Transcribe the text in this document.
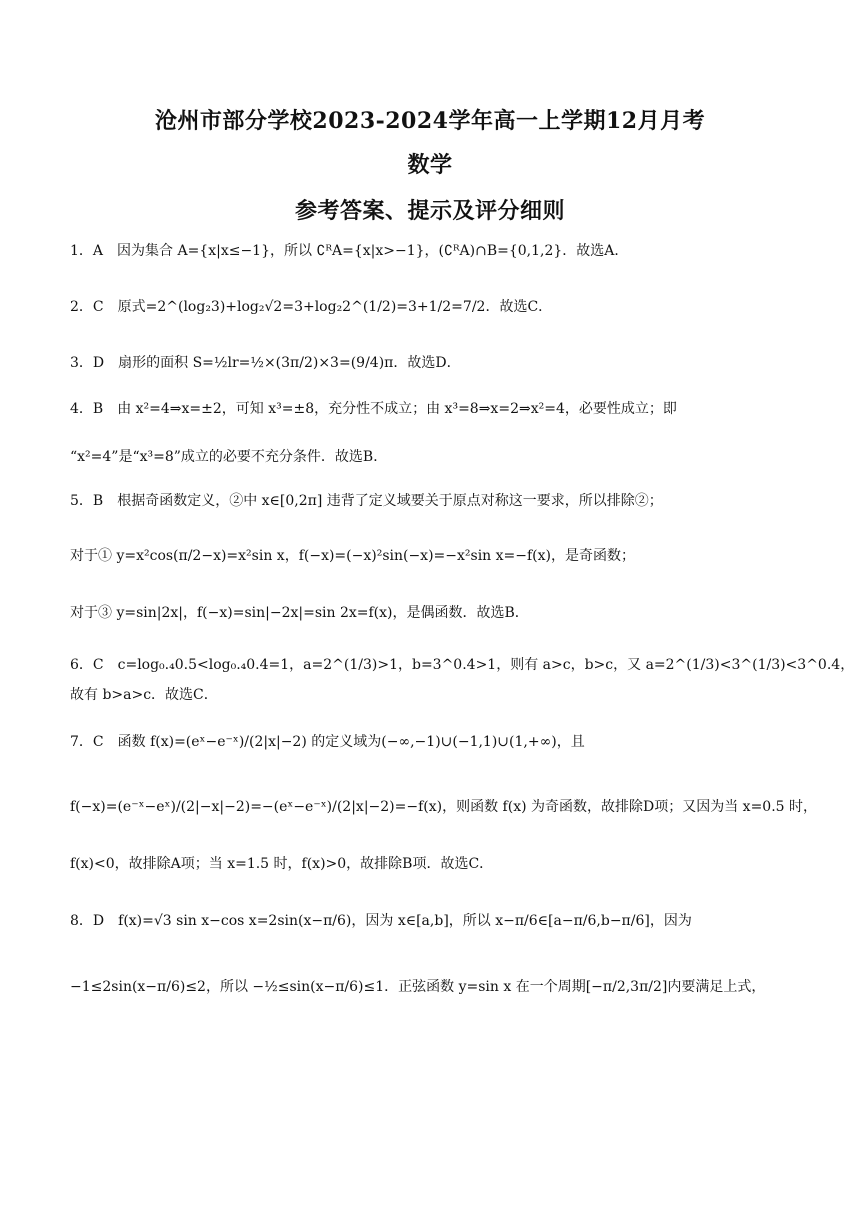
沧州市部分学校2023-2024学年高一上学期12月月考
数学
参考答案、提示及评分细则
1．A　因为集合 A={x|x≤−1}，所以 ∁ᴿA={x|x>−1}，(∁ᴿA)∩B={0,1,2}．故选A．
2．C　原式=2^(log₂3)+log₂√2=3+log₂2^(1/2)=3+1/2=7/2．故选C．
3．D　扇形的面积 S=½lr=½×(3π/2)×3=(9/4)π．故选D．
4．B　由 x²=4⇒x=±2，可知 x³=±8，充分性不成立；由 x³=8⇒x=2⇒x²=4，必要性成立；即
“x²=4”是“x³=8”成立的必要不充分条件．故选B．
5．B　根据奇函数定义，②中 x∈[0,2π] 违背了定义域要关于原点对称这一要求，所以排除②；
对于① y=x²cos(π/2−x)=x²sin x，f(−x)=(−x)²sin(−x)=−x²sin x=−f(x)，是奇函数；
对于③ y=sin|2x|，f(−x)=sin|−2x|=sin 2x=f(x)，是偶函数．故选B．
6．C　c=log₀.₄0.5<log₀.₄0.4=1，a=2^(1/3)>1，b=3^0.4>1，则有 a>c，b>c，又 a=2^(1/3)<3^(1/3)<3^0.4，
故有 b>a>c．故选C．
7．C　函数 f(x)=(eˣ−e⁻ˣ)/(2|x|−2) 的定义域为(−∞,−1)∪(−1,1)∪(1,+∞)，且
f(−x)=(e⁻ˣ−eˣ)/(2|−x|−2)=−(eˣ−e⁻ˣ)/(2|x|−2)=−f(x)，则函数 f(x) 为奇函数，故排除D项；又因为当 x=0.5 时，
f(x)<0，故排除A项；当 x=1.5 时，f(x)>0，故排除B项．故选C．
8．D　f(x)=√3 sin x−cos x=2sin(x−π/6)，因为 x∈[a,b]，所以 x−π/6∈[a−π/6,b−π/6]，因为
−1≤2sin(x−π/6)≤2，所以 −½≤sin(x−π/6)≤1．正弦函数 y=sin x 在一个周期[−π/2,3π/2]内要满足上式，
